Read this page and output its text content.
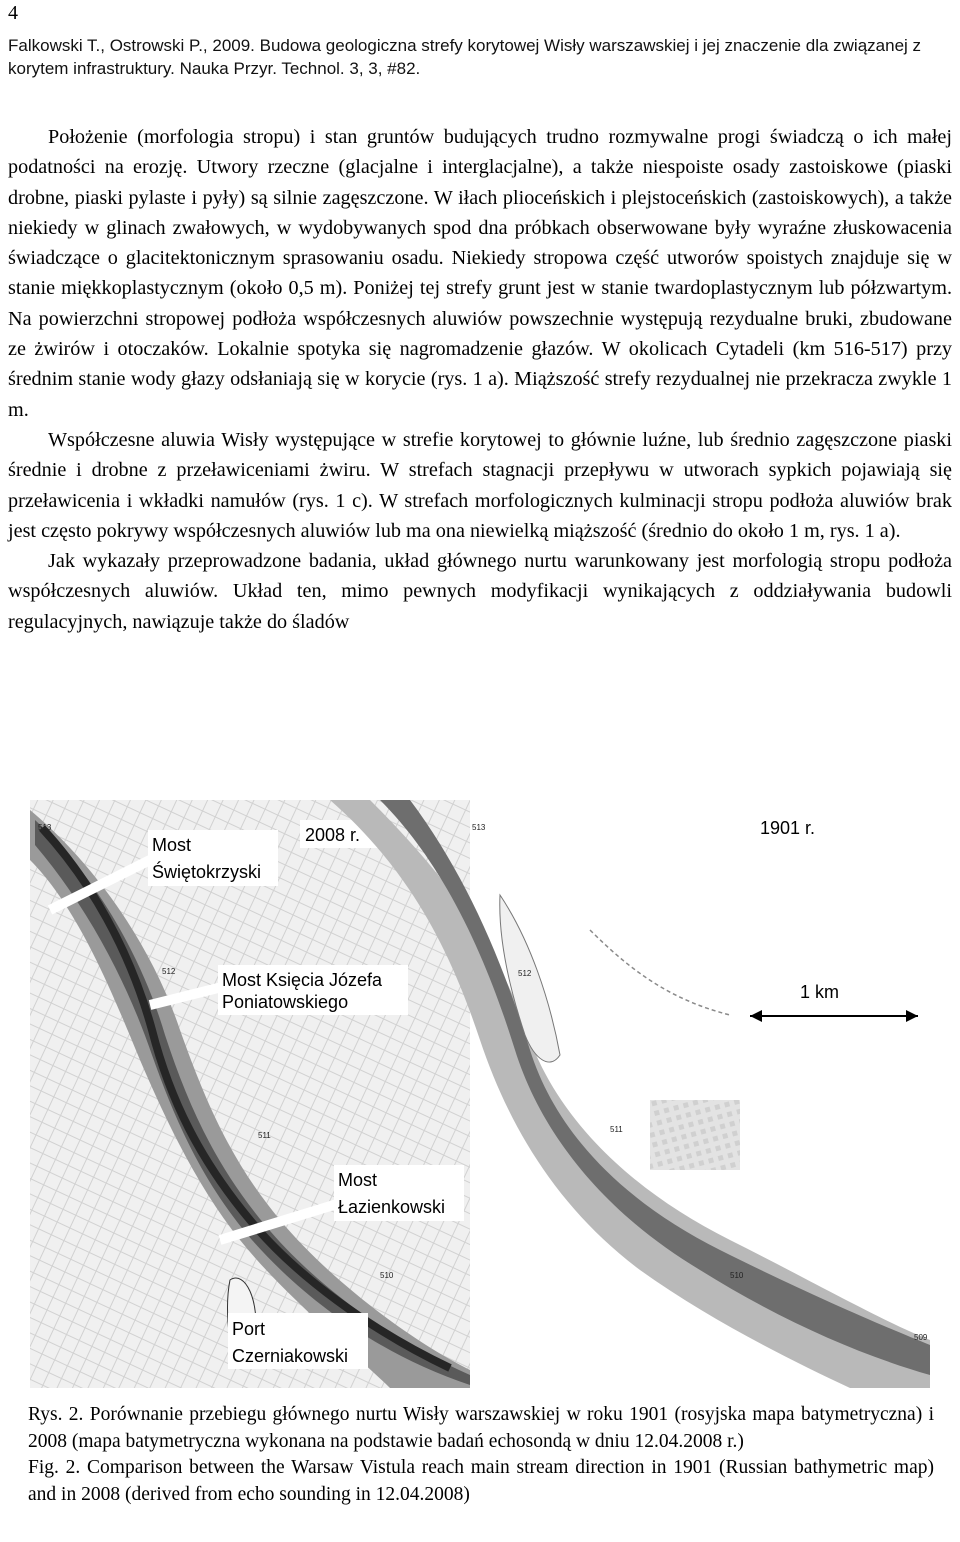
4
Falkowski T., Ostrowski P., 2009. Budowa geologiczna strefy korytowej Wisły warszawskiej i jej znaczenie dla związanej z korytem infrastruktury. Nauka Przyr. Technol. 3, 3, #82.

Położenie (morfologia stropu) i stan gruntów budujących trudno rozmywalne progi świadczą o ich małej podatności na erozję. Utwory rzeczne (glacjalne i interglacjalne), a także niespoiste osady zastoiskowe (piaski drobne, piaski pylaste i pyły) są silnie zagęszczone. W iłach plioceńskich i plejstoceńskich (zastoiskowych), a także niekiedy w glinach zwałowych, w wydobywanych spod dna próbkach obserwowane były wyraźne złuskowacenia świadczące o glacitektonicznym sprasowaniu osadu. Niekiedy stropowa część utworów spoistych znajduje się w stanie miękkoplastycznym (około 0,5 m). Poniżej tej strefy grunt jest w stanie twardoplastycznym lub półzwartym. Na powierzchni stropowej podłoża współczesnych aluwiów powszechnie występują rezydualne bruki, zbudowane ze żwirów i otoczaków. Lokalnie spotyka się nagromadzenie głazów. W okolicach Cytadeli (km 516-517) przy średnim stanie wody głazy odsłaniają się w korycie (rys. 1 a). Miąższość strefy rezydualnej nie przekracza zwykle 1 m.

Współczesne aluwia Wisły występujące w strefie korytowej to głównie luźne, lub średnio zagęszczone piaski średnie i drobne z przeławiceniami żwiru. W strefach stagnacji przepływu w utworach sypkich pojawiają się przeławicenia i wkładki namułów (rys. 1 c). W strefach morfologicznych kulminacji stropu podłoża aluwiów brak jest często pokrywy współczesnych aluwiów lub ma ona niewielką miąższość (średnio do około 1 m, rys. 1 a).

Jak wykazały przeprowadzone badania, układ głównego nurtu warunkowany jest morfologią stropu podłoża współczesnych aluwiów. Układ ten, mimo pewnych modyfikacji wynikających z oddziaływania budowli regulacyjnych, nawiązuje także do śladów

513
512
511
510
Most
Świętokrzyski
2008 r.
Most Księcia Józefa
Poniatowskiego
Most
Łazienkowski
Port
Czerniakowski
513
512
511
510
509
1901 r.
1 km

Rys. 2. Porównanie przebiegu głównego nurtu Wisły warszawskiej w roku 1901 (rosyjska mapa batymetryczna) i 2008 (mapa batymetryczna wykonana na podstawie badań echosondą w dniu 12.04.2008 r.)

Fig. 2. Comparison between the Warsaw Vistula reach main stream direction in 1901 (Russian bathymetric map) and in 2008 (derived from echo sounding in 12.04.2008)
